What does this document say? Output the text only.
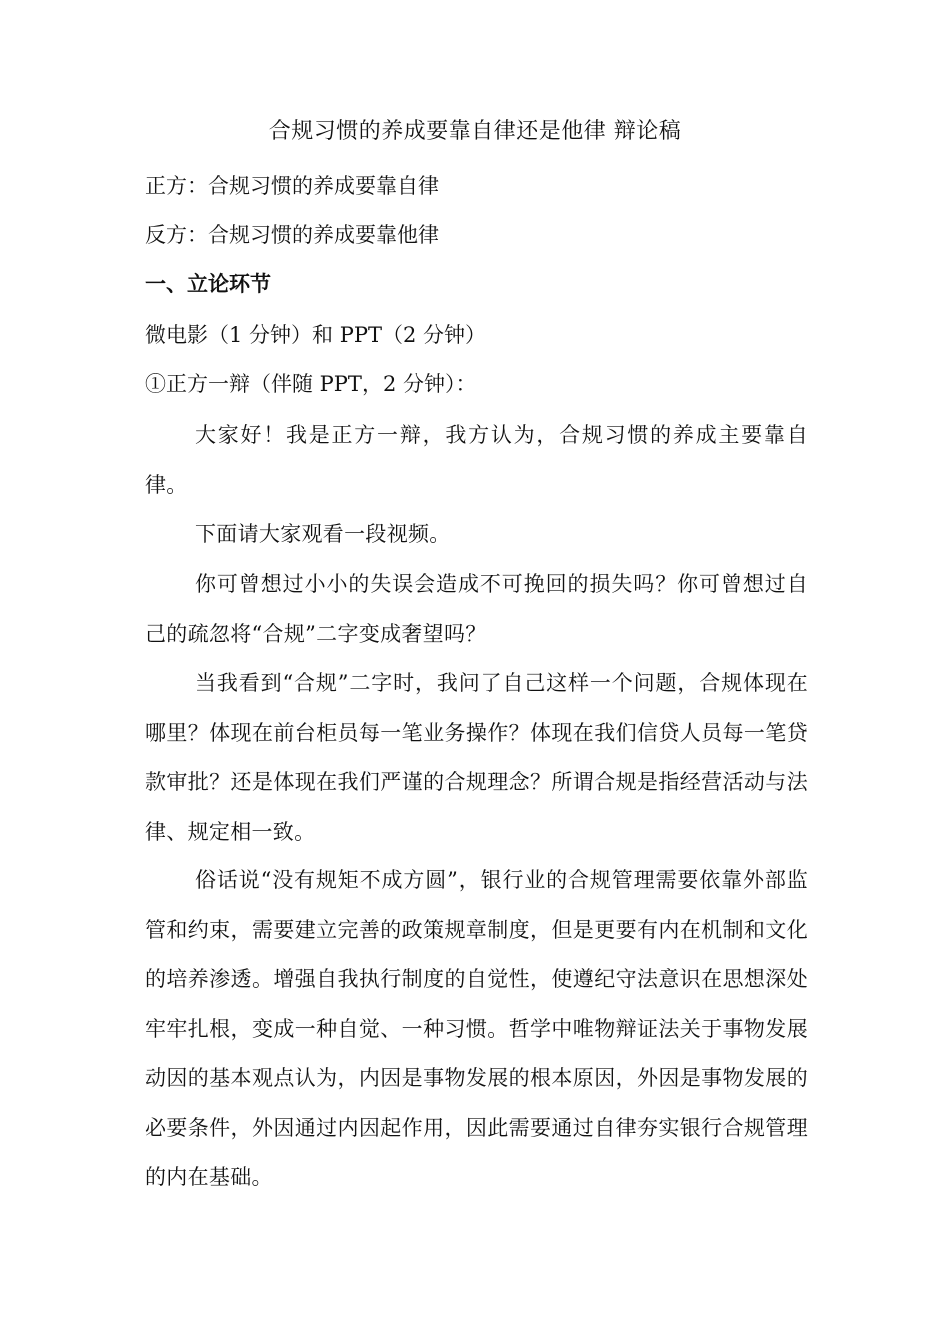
合规习惯的养成要靠自律还是他律 辩论稿
正方：合规习惯的养成要靠自律
反方：合规习惯的养成要靠他律
一、立论环节
微电影（1 分钟）和 PPT（2 分钟）
①正方一辩（伴随 PPT，2 分钟）：
大家好！我是正方一辩，我方认为，合规习惯的养成主要靠自律。
下面请大家观看一段视频。
你可曾想过小小的失误会造成不可挽回的损失吗？你可曾想过自己的疏忽将“合规”二字变成奢望吗？
当我看到“合规”二字时，我问了自己这样一个问题，合规体现在哪里？体现在前台柜员每一笔业务操作？体现在我们信贷人员每一笔贷款审批？还是体现在我们严谨的合规理念？所谓合规是指经营活动与法律、规定相一致。
俗话说“没有规矩不成方圆”，银行业的合规管理需要依靠外部监管和约束，需要建立完善的政策规章制度，但是更要有内在机制和文化的培养渗透。增强自我执行制度的自觉性，使遵纪守法意识在思想深处牢牢扎根，变成一种自觉、一种习惯。哲学中唯物辩证法关于事物发展动因的基本观点认为，内因是事物发展的根本原因，外因是事物发展的必要条件，外因通过内因起作用，因此需要通过自律夯实银行合规管理的内在基础。
